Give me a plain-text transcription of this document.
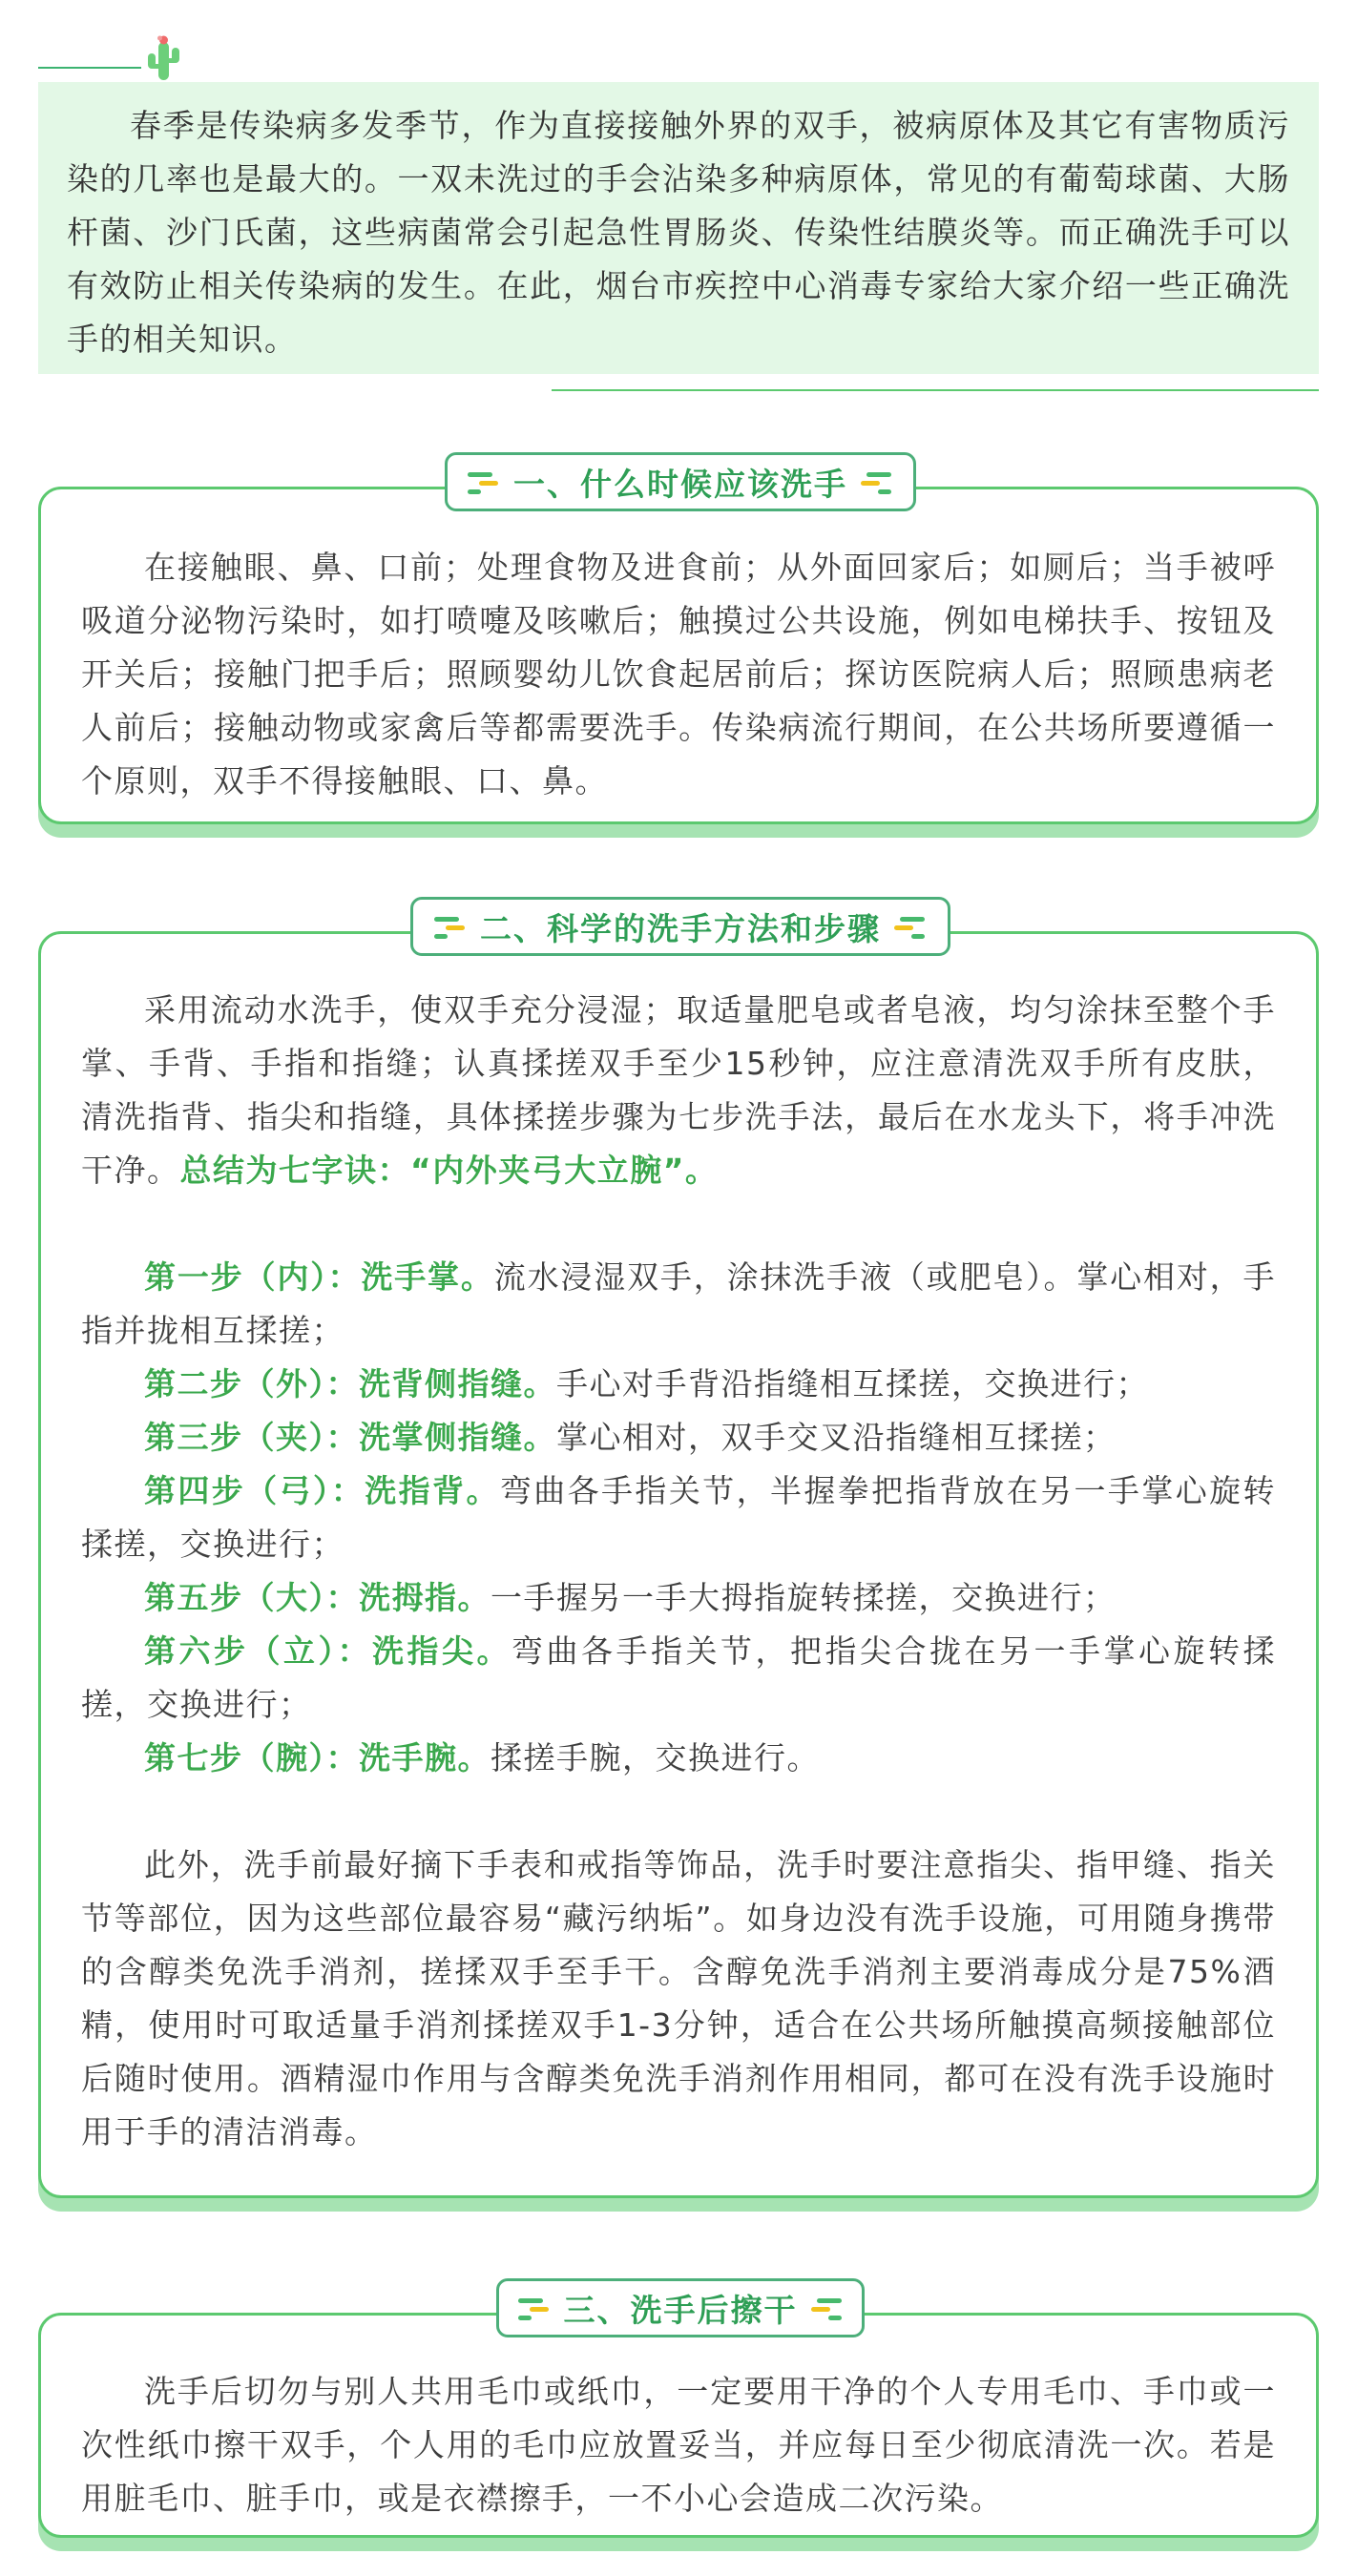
春季是传染病多发季节，作为直接接触外界的双手，被病原体及其它有害物质污染的几率也是最大的。一双未洗过的手会沾染多种病原体，常见的有葡萄球菌、大肠杆菌、沙门氏菌，这些病菌常会引起急性胃肠炎、传染性结膜炎等。而正确洗手可以有效防止相关传染病的发生。在此，烟台市疾控中心消毒专家给大家介绍一些正确洗手的相关知识。

在接触眼、鼻、口前；处理食物及进食前；从外面回家后；如厕后；当手被呼吸道分泌物污染时，如打喷嚏及咳嗽后；触摸过公共设施，例如电梯扶手、按钮及开关后；接触门把手后；照顾婴幼儿饮食起居前后；探访医院病人后；照顾患病老人前后；接触动物或家禽后等都需要洗手。传染病流行期间，在公共场所要遵循一个原则，双手不得接触眼、口、鼻。

一、什么时候应该洗手

采用流动水洗手，使双手充分浸湿；取适量肥皂或者皂液，均匀涂抹至整个手掌、手背、手指和指缝；认真揉搓双手至少15秒钟，应注意清洗双手所有皮肤，清洗指背、指尖和指缝，具体揉搓步骤为七步洗手法，最后在水龙头下，将手冲洗干净。总结为七字诀：“内外夹弓大立腕”。

第一步（内）：洗手掌。流水浸湿双手，涂抹洗手液（或肥皂）。掌心相对，手指并拢相互揉搓；

第二步（外）：洗背侧指缝。手心对手背沿指缝相互揉搓，交换进行；

第三步（夹）：洗掌侧指缝。掌心相对，双手交叉沿指缝相互揉搓；

第四步（弓）：洗指背。弯曲各手指关节，半握拳把指背放在另一手掌心旋转揉搓，交换进行；

第五步（大）：洗拇指。一手握另一手大拇指旋转揉搓，交换进行；

第六步（立）：洗指尖。弯曲各手指关节，把指尖合拢在另一手掌心旋转揉搓，交换进行；

第七步（腕）：洗手腕。揉搓手腕，交换进行。

此外，洗手前最好摘下手表和戒指等饰品，洗手时要注意指尖、指甲缝、指关节等部位，因为这些部位最容易“藏污纳垢”。如身边没有洗手设施，可用随身携带的含醇类免洗手消剂，搓揉双手至手干。含醇免洗手消剂主要消毒成分是75%酒精，使用时可取适量手消剂揉搓双手1-3分钟，适合在公共场所触摸高频接触部位后随时使用。酒精湿巾作用与含醇类免洗手消剂作用相同，都可在没有洗手设施时用于手的清洁消毒。

二、科学的洗手方法和步骤

洗手后切勿与别人共用毛巾或纸巾，一定要用干净的个人专用毛巾、手巾或一次性纸巾擦干双手，个人用的毛巾应放置妥当，并应每日至少彻底清洗一次。若是用脏毛巾、脏手巾，或是衣襟擦手，一不小心会造成二次污染。

三、洗手后擦干
